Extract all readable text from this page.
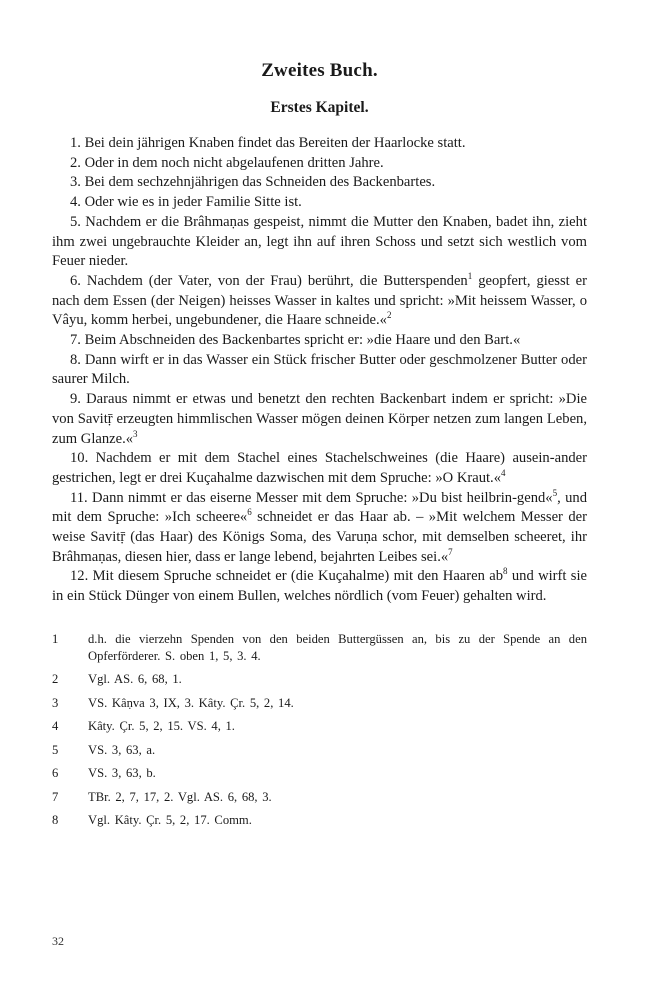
Zweites Buch.
Erstes Kapitel.

1. Bei dein jährigen Knaben findet das Bereiten der Haarlocke statt.

2. Oder in dem noch nicht abgelaufenen dritten Jahre.

3. Bei dem sechzehnjährigen das Schneiden des Backenbartes.

4. Oder wie es in jeder Familie Sitte ist.

5. Nachdem er die Brâhmaṇas gespeist, nimmt die Mutter den Knaben, badet ihn, zieht ihm zwei ungebrauchte Kleider an, legt ihn auf ihren Schoss und setzt sich westlich vom Feuer nieder.

6. Nachdem (der Vater, von der Frau) berührt, die Butterspenden$^1$ geopfert, giesst er nach dem Essen (der Neigen) heisses Wasser in kaltes und spricht: »Mit heissem Wasser, o Vâyu, komm herbei, ungebundener, die Haare schneide.«$^2$

7. Beim Abschneiden des Backenbartes spricht er: »die Haare und den Bart.«

8. Dann wirft er in das Wasser ein Stück frischer Butter oder geschmolzener Butter oder saurer Milch.

9. Daraus nimmt er etwas und benetzt den rechten Backenbart indem er spricht: »Die von Savitṝ erzeugten himmlischen Wasser mögen deinen Körper netzen zum langen Leben, zum Glanze.«$^3$

10. Nachdem er mit dem Stachel eines Stachelschweines (die Haare) ausein-ander gestrichen, legt er drei Kuçahalme dazwischen mit dem Spruche: »O Kraut.«$^4$

11. Dann nimmt er das eiserne Messer mit dem Spruche: »Du bist heilbrin-gend«$^5$, und mit dem Spruche: »Ich scheere«$^6$ schneidet er das Haar ab. – »Mit welchem Messer der weise Savitṝ (das Haar) des Königs Soma, des Varuṇa schor, mit demselben scheeret, ihr Brâhmaṇas, diesen hier, dass er lange lebend, bejahrten Leibes sei.«$^7$

12. Mit diesem Spruche schneidet er (die Kuçahalme) mit den Haaren $ab^8$ und wirft sie in ein Stück Dünger von einem Bullen, welches nördlich (vom Feuer) gehalten wird.

1	d.h. die vierzehn Spenden von den beiden Buttergüssen an, bis zu der Spende an den Opferförderer. S. oben 1, 5, 3. 4.
2	Vgl. AS. 6, 68, 1.
3	VS. Kâṇva 3, IX, 3. Kâty. Çr. 5, 2, 14.
4	Kâty. Çr. 5, 2, 15. VS. 4, 1.
5	VS. 3, 63, a.
6	VS. 3, 63, b.
7	TBr. 2, 7, 17, 2. Vgl. AS. 6, 68, 3.
8	Vgl. Kâty. Çr. 5, 2, 17. Comm.
32
